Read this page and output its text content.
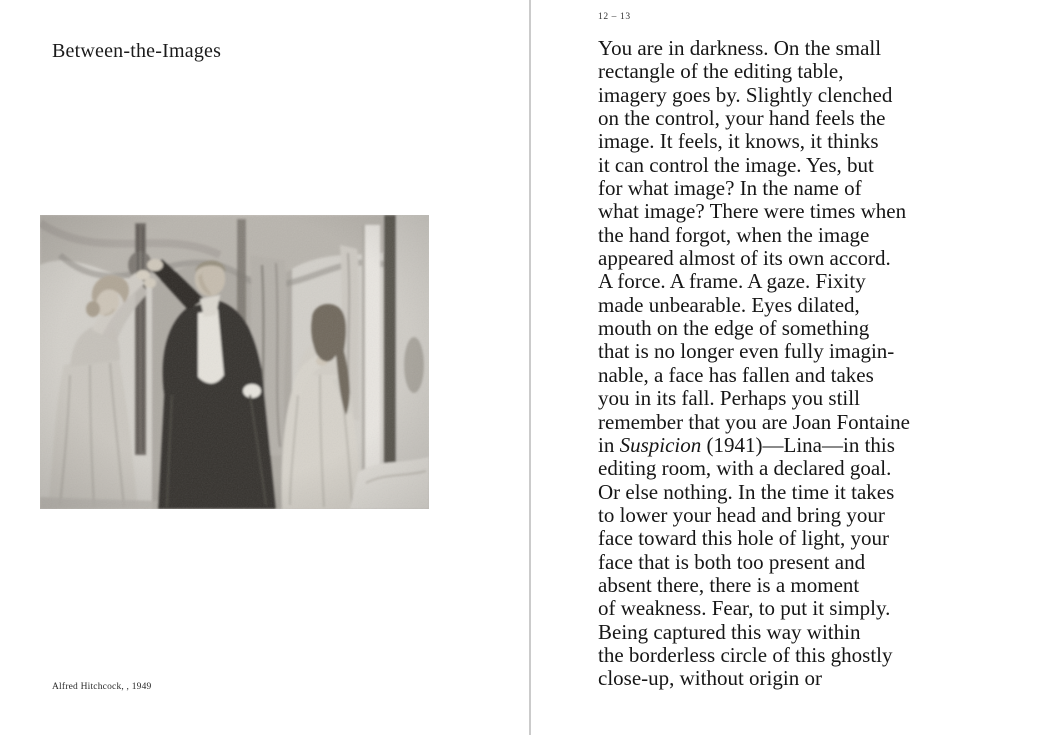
Between-the-Images
Alfred Hitchcock, , 1949
12 – 13
You are in darkness. On the small
rectangle of the editing table,
imagery goes by. Slightly clenched
on the control, your hand feels the
image. It feels, it knows, it thinks
it can control the image. Yes, but
for what image? In the name of
what image? There were times when
the hand forgot, when the image
appeared almost of its own accord.
A force. A frame. A gaze. Fixity
made unbearable. Eyes dilated,
mouth on the edge of something
that is no longer even fully imagin-
nable, a face has fallen and takes
you in its fall. Perhaps you still
remember that you are Joan Fontaine
in Suspicion (1941)—Lina—in this
editing room, with a declared goal.
Or else nothing. In the time it takes
to lower your head and bring your
face toward this hole of light, your
face that is both too present and
absent there, there is a moment
of weakness. Fear, to put it simply.
Being captured this way within
the borderless circle of this ghostly
close-up, without origin or
